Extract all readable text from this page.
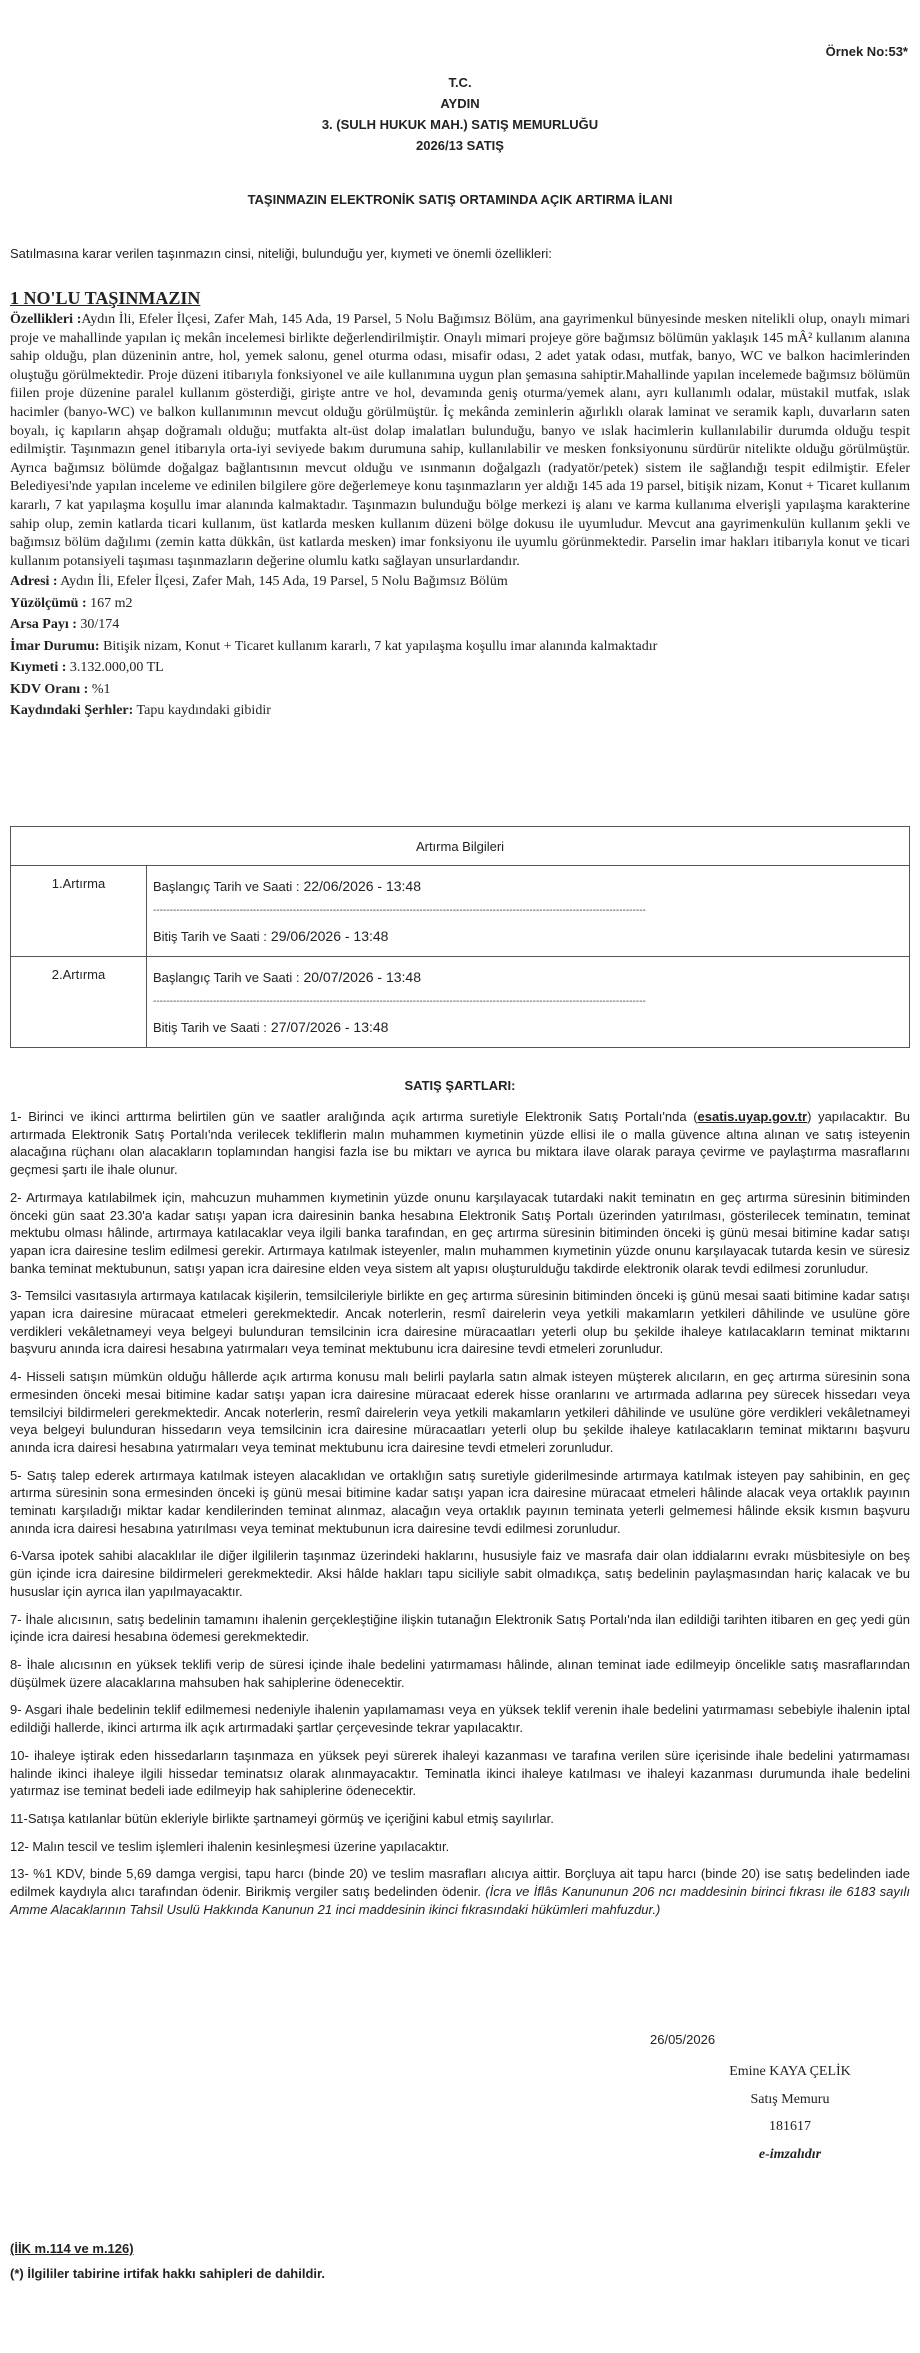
Örnek No:53*
T.C.
AYDIN
3. (SULH HUKUK MAH.) SATIŞ MEMURLUĞU
2026/13 SATIŞ
TAŞINMAZIN ELEKTRONİK SATIŞ ORTAMINDA AÇIK ARTIRMA İLANI
Satılmasına karar verilen taşınmazın cinsi, niteliği, bulunduğu yer, kıymeti ve önemli özellikleri:
1 NO'LU TAŞINMAZIN
Özellikleri :Aydın İli, Efeler İlçesi, Zafer Mah, 145 Ada, 19 Parsel, 5 Nolu Bağımsız Bölüm, ana gayrimenkul bünyesinde mesken nitelikli olup, onaylı mimari proje ve mahallinde yapılan iç mekân incelemesi birlikte değerlendirilmiştir. Onaylı mimari projeye göre bağımsız bölümün yaklaşık 145 mÂ² kullanım alanına sahip olduğu, plan düzeninin antre, hol, yemek salonu, genel oturma odası, misafir odası, 2 adet yatak odası, mutfak, banyo, WC ve balkon hacimlerinden oluştuğu görülmektedir. Proje düzeni itibarıyla fonksiyonel ve aile kullanımına uygun plan şemasına sahiptir.Mahallinde yapılan incelemede bağımsız bölümün fiilen proje düzenine paralel kullanım gösterdiği, girişte antre ve hol, devamında geniş oturma/yemek alanı, ayrı kullanımlı odalar, müstakil mutfak, ıslak hacimler (banyo-WC) ve balkon kullanımının mevcut olduğu görülmüştür. İç mekânda zeminlerin ağırlıklı olarak laminat ve seramik kaplı, duvarların saten boyalı, iç kapıların ahşap doğramalı olduğu; mutfakta alt-üst dolap imalatları bulunduğu, banyo ve ıslak hacimlerin kullanılabilir durumda olduğu tespit edilmiştir. Taşınmazın genel itibarıyla orta-iyi seviyede bakım durumuna sahip, kullanılabilir ve mesken fonksiyonunu sürdürür nitelikte olduğu görülmüştür. Ayrıca bağımsız bölümde doğalgaz bağlantısının mevcut olduğu ve ısınmanın doğalgazlı (radyatör/petek) sistem ile sağlandığı tespit edilmiştir. Efeler Belediyesi'nde yapılan inceleme ve edinilen bilgilere göre değerlemeye konu taşınmazların yer aldığı 145 ada 19 parsel, bitişik nizam, Konut + Ticaret kullanım kararlı, 7 kat yapılaşma koşullu imar alanında kalmaktadır. Taşınmazın bulunduğu bölge merkezi iş alanı ve karma kullanıma elverişli yapılaşma karakterine sahip olup, zemin katlarda ticari kullanım, üst katlarda mesken kullanım düzeni bölge dokusu ile uyumludur. Mevcut ana gayrimenkulün kullanım şekli ve bağımsız bölüm dağılımı (zemin katta dükkân, üst katlarda mesken) imar fonksiyonu ile uyumlu görünmektedir. Parselin imar hakları itibarıyla konut ve ticari kullanım potansiyeli taşıması taşınmazların değerine olumlu katkı sağlayan unsurlardandır.
Adresi : Aydın İli, Efeler İlçesi, Zafer Mah, 145 Ada, 19 Parsel, 5 Nolu Bağımsız Bölüm
Yüzölçümü : 167 m2
Arsa Payı : 30/174
İmar Durumu: Bitişik nizam, Konut + Ticaret kullanım kararlı, 7 kat yapılaşma koşullu imar alanında kalmaktadır
Kıymeti : 3.132.000,00 TL
KDV Oranı : %1
Kaydındaki Şerhler: Tapu kaydındaki gibidir
Artırma Bilgileri	
1.Artırma	Başlangıç Tarih ve Saati : 22/06/2026 - 13:48
----------------------------------------------------------------------------------------------------------------------------------------------------
Bitiş Tarih ve Saati : 29/06/2026 - 13:48

2.Artırma	Başlangıç Tarih ve Saati : 20/07/2026 - 13:48
----------------------------------------------------------------------------------------------------------------------------------------------------
Bitiş Tarih ve Saati : 27/07/2026 - 13:48
SATIŞ ŞARTLARI:

1- Birinci ve ikinci arttırma belirtilen gün ve saatler aralığında açık artırma suretiyle Elektronik Satış Portalı'nda (esatis.uyap.gov.tr) yapılacaktır. Bu artırmada Elektronik Satış Portalı'nda verilecek tekliflerin malın muhammen kıymetinin yüzde ellisi ile o malla güvence altına alınan ve satış isteyenin alacağına rüçhanı olan alacakların toplamından hangisi fazla ise bu miktarı ve ayrıca bu miktara ilave olarak paraya çevirme ve paylaştırma masraflarını geçmesi şartı ile ihale olunur.

2- Artırmaya katılabilmek için, mahcuzun muhammen kıymetinin yüzde onunu karşılayacak tutardaki nakit teminatın en geç artırma süresinin bitiminden önceki gün saat 23.30'a kadar satışı yapan icra dairesinin banka hesabına Elektronik Satış Portalı üzerinden yatırılması, gösterilecek teminatın, teminat mektubu olması hâlinde, artırmaya katılacaklar veya ilgili banka tarafından, en geç artırma süresinin bitiminden önceki iş günü mesai bitimine kadar satışı yapan icra dairesine teslim edilmesi gerekir. Artırmaya katılmak isteyenler, malın muhammen kıymetinin yüzde onunu karşılayacak tutarda kesin ve süresiz banka teminat mektubunun, satışı yapan icra dairesine elden veya sistem alt yapısı oluşturulduğu takdirde elektronik olarak tevdi edilmesi zorunludur.

3- Temsilci vasıtasıyla artırmaya katılacak kişilerin, temsilcileriyle birlikte en geç artırma süresinin bitiminden önceki iş günü mesai saati bitimine kadar satışı yapan icra dairesine müracaat etmeleri gerekmektedir. Ancak noterlerin, resmî dairelerin veya yetkili makamların yetkileri dâhilinde ve usulüne göre verdikleri vekâletnameyi veya belgeyi bulunduran temsilcinin icra dairesine müracaatları yeterli olup bu şekilde ihaleye katılacakların teminat miktarını başvuru anında icra dairesi hesabına yatırmaları veya teminat mektubunu icra dairesine tevdi etmeleri zorunludur.

4- Hisseli satışın mümkün olduğu hâllerde açık artırma konusu malı belirli paylarla satın almak isteyen müşterek alıcıların, en geç artırma süresinin sona ermesinden önceki mesai bitimine kadar satışı yapan icra dairesine müracaat ederek hisse oranlarını ve artırmada adlarına pey sürecek hissedarı veya temsilciyi bildirmeleri gerekmektedir. Ancak noterlerin, resmî dairelerin veya yetkili makamların yetkileri dâhilinde ve usulüne göre verdikleri vekâletnameyi veya belgeyi bulunduran hissedarın veya temsilcinin icra dairesine müracaatları yeterli olup bu şekilde ihaleye katılacakların teminat miktarını başvuru anında icra dairesi hesabına yatırmaları veya teminat mektubunu icra dairesine tevdi etmeleri zorunludur.

5- Satış talep ederek artırmaya katılmak isteyen alacaklıdan ve ortaklığın satış suretiyle giderilmesinde artırmaya katılmak isteyen pay sahibinin, en geç artırma süresinin sona ermesinden önceki iş günü mesai bitimine kadar satışı yapan icra dairesine müracaat etmeleri hâlinde alacak veya ortaklık payının teminatı karşıladığı miktar kadar kendilerinden teminat alınmaz, alacağın veya ortaklık payının teminata yeterli gelmemesi hâlinde eksik kısmın başvuru anında icra dairesi hesabına yatırılması veya teminat mektubunun icra dairesine tevdi edilmesi zorunludur.

6-Varsa ipotek sahibi alacaklılar ile diğer ilgililerin taşınmaz üzerindeki haklarını, hususiyle faiz ve masrafa dair olan iddialarını evrakı müsbitesiyle on beş gün içinde icra dairesine bildirmeleri gerekmektedir. Aksi hâlde hakları tapu siciliyle sabit olmadıkça, satış bedelinin paylaşmasından hariç kalacak ve bu hususlar için ayrıca ilan yapılmayacaktır.

7- İhale alıcısının, satış bedelinin tamamını ihalenin gerçekleştiğine ilişkin tutanağın Elektronik Satış Portalı'nda ilan edildiği tarihten itibaren en geç yedi gün içinde icra dairesi hesabına ödemesi gerekmektedir.

8- İhale alıcısının en yüksek teklifi verip de süresi içinde ihale bedelini yatırmaması hâlinde, alınan teminat iade edilmeyip öncelikle satış masraflarından düşülmek üzere alacaklarına mahsuben hak sahiplerine ödenecektir.

9- Asgari ihale bedelinin teklif edilmemesi nedeniyle ihalenin yapılamaması veya en yüksek teklif verenin ihale bedelini yatırmaması sebebiyle ihalenin iptal edildiği hallerde, ikinci artırma ilk açık artırmadaki şartlar çerçevesinde tekrar yapılacaktır.

10- ihaleye iştirak eden hissedarların taşınmaza en yüksek peyi sürerek ihaleyi kazanması ve tarafına verilen süre içerisinde ihale bedelini yatırmaması halinde ikinci ihaleye ilgili hissedar teminatsız olarak alınmayacaktır. Teminatla ikinci ihaleye katılması ve ihaleyi kazanması durumunda ihale bedelini yatırmaz ise teminat bedeli iade edilmeyip hak sahiplerine ödenecektir.

11-Satışa katılanlar bütün ekleriyle birlikte şartnameyi görmüş ve içeriğini kabul etmiş sayılırlar.

12- Malın tescil ve teslim işlemleri ihalenin kesinleşmesi üzerine yapılacaktır.

13- %1 KDV, binde 5,69 damga vergisi, tapu harcı (binde 20) ve teslim masrafları alıcıya aittir. Borçluya ait tapu harcı (binde 20) ise satış bedelinden iade edilmek kaydıyla alıcı tarafından ödenir. Birikmiş vergiler satış bedelinden ödenir. (İcra ve İflâs Kanununun 206 ncı maddesinin birinci fıkrası ile 6183 sayılı Amme Alacaklarının Tahsil Usulü Hakkında Kanunun 21 inci maddesinin ikinci fıkrasındaki hükümleri mahfuzdur.)

26/05/2026
Emine KAYA ÇELİK
Satış Memuru
181617
e-imzalıdır
(İİK m.114 ve m.126)
(*) İlgililer tabirine irtifak hakkı sahipleri de dahildir.
